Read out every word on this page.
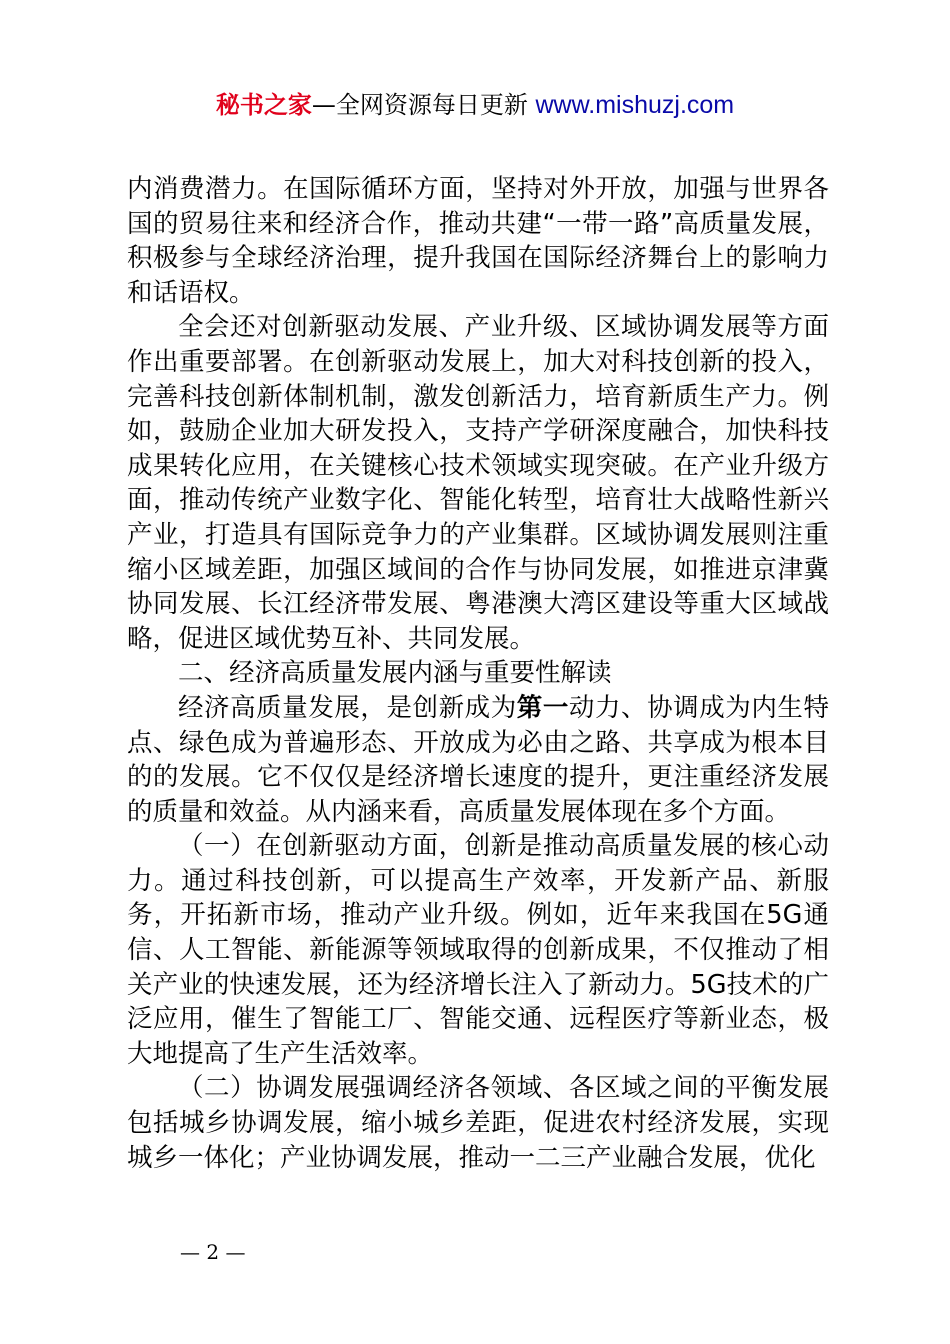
秘书之家—全网资源每日更新 www.mishuzj.com

内消费潜力。在国际循环方面，坚持对外开放，加强与世界各国的贸易往来和经济合作，推动共建“一带一路”高质量发展，积极参与全球经济治理，提升我国在国际经济舞台上的影响力和话语权。

全会还对创新驱动发展、产业升级、区域协调发展等方面作出重要部署。在创新驱动发展上，加大对科技创新的投入，完善科技创新体制机制，激发创新活力，培育新质生产力。例如，鼓励企业加大研发投入，支持产学研深度融合，加快科技成果转化应用，在关键核心技术领域实现突破。在产业升级方面，推动传统产业数字化、智能化转型，培育壮大战略性新兴产业，打造具有国际竞争力的产业集群。区域协调发展则注重缩小区域差距，加强区域间的合作与协同发展，如推进京津冀协同发展、长江经济带发展、粤港澳大湾区建设等重大区域战略，促进区域优势互补、共同发展。

二、经济高质量发展内涵与重要性解读

经济高质量发展，是创新成为第一动力、协调成为内生特点、绿色成为普遍形态、开放成为必由之路、共享成为根本目的的发展。它不仅仅是经济增长速度的提升，更注重经济发展的质量和效益。从内涵来看，高质量发展体现在多个方面。

（一）在创新驱动方面，创新是推动高质量发展的核心动力。通过科技创新，可以提高生产效率，开发新产品、新服务，开拓新市场，推动产业升级。例如，近年来我国在5G通信、人工智能、新能源等领域取得的创新成果，不仅推动了相关产业的快速发展，还为经济增长注入了新动力。5G技术的广泛应用，催生了智能工厂、智能交通、远程医疗等新业态，极大地提高了生产生活效率。

（二）协调发展强调经济各领域、各区域之间的平衡发展包括城乡协调发展，缩小城乡差距，促进农村经济发展，实现城乡一体化；产业协调发展，推动一二三产业融合发展，优化

— 2 —
